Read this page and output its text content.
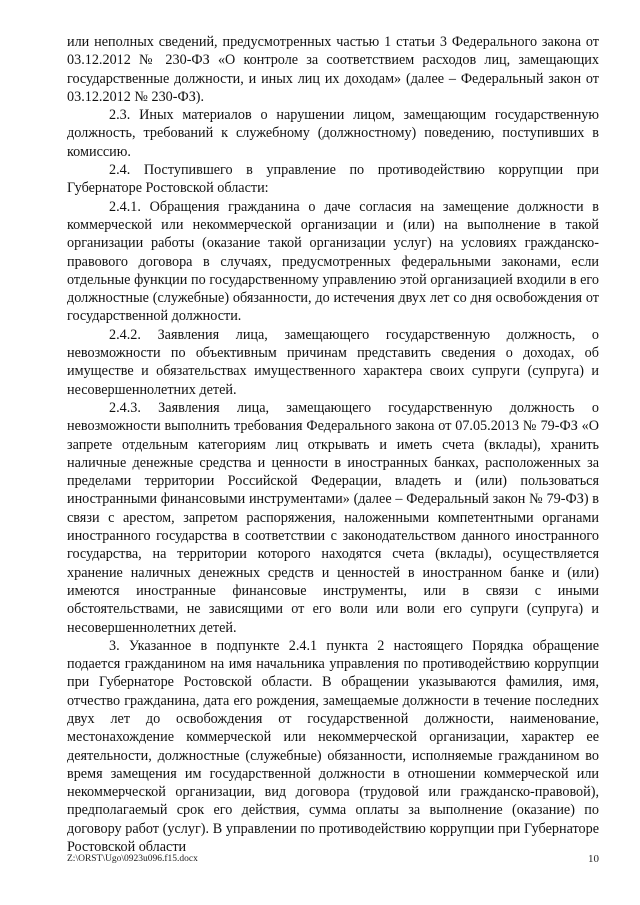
или неполных сведений, предусмотренных частью 1 статьи 3 Федерального закона от 03.12.2012 № 230-ФЗ «О контроле за соответствием расходов лиц, замещающих государственные должности, и иных лиц их доходам» (далее – Федеральный закон от 03.12.2012 № 230-ФЗ).

2.3. Иных материалов о нарушении лицом, замещающим государственную должность, требований к служебному (должностному) поведению, поступивших в комиссию.

2.4. Поступившего в управление по противодействию коррупции при Губернаторе Ростовской области:

2.4.1. Обращения гражданина о даче согласия на замещение должности в коммерческой или некоммерческой организации и (или) на выполнение в такой организации работы (оказание такой организации услуг) на условиях гражданско-правового договора в случаях, предусмотренных федеральными законами, если отдельные функции по государственному управлению этой организацией входили в его должностные (служебные) обязанности, до истечения двух лет со дня освобождения от государственной должности.

2.4.2. Заявления лица, замещающего государственную должность, о невозможности по объективным причинам представить сведения о доходах, об имуществе и обязательствах имущественного характера своих супруги (супруга) и несовершеннолетних детей.

2.4.3. Заявления лица, замещающего государственную должность о невозможности выполнить требования Федерального закона от 07.05.2013 № 79-ФЗ «О запрете отдельным категориям лиц открывать и иметь счета (вклады), хранить наличные денежные средства и ценности в иностранных банках, расположенных за пределами территории Российской Федерации, владеть и (или) пользоваться иностранными финансовыми инструментами» (далее – Федеральный закон № 79-ФЗ) в связи с арестом, запретом распоряжения, наложенными компетентными органами иностранного государства в соответствии с законодательством данного иностранного государства, на территории которого находятся счета (вклады), осуществляется хранение наличных денежных средств и ценностей в иностранном банке и (или) имеются иностранные финансовые инструменты, или в связи с иными обстоятельствами, не зависящими от его воли или воли его супруги (супруга) и несовершеннолетних детей.

3. Указанное в подпункте 2.4.1 пункта 2 настоящего Порядка обращение подается гражданином на имя начальника управления по противодействию коррупции при Губернаторе Ростовской области. В обращении указываются фамилия, имя, отчество гражданина, дата его рождения, замещаемые должности в течение последних двух лет до освобождения от государственной должности, наименование, местонахождение коммерческой или некоммерческой организации, характер ее деятельности, должностные (служебные) обязанности, исполняемые гражданином во время замещения им государственной должности в отношении коммерческой или некоммерческой организации, вид договора (трудовой или гражданско-правовой), предполагаемый срок его действия, сумма оплаты за выполнение (оказание) по договору работ (услуг). В управлении по противодействию коррупции при Губернаторе Ростовской области

Z:\ORST\Ugo\0923u096.f15.docx	10
